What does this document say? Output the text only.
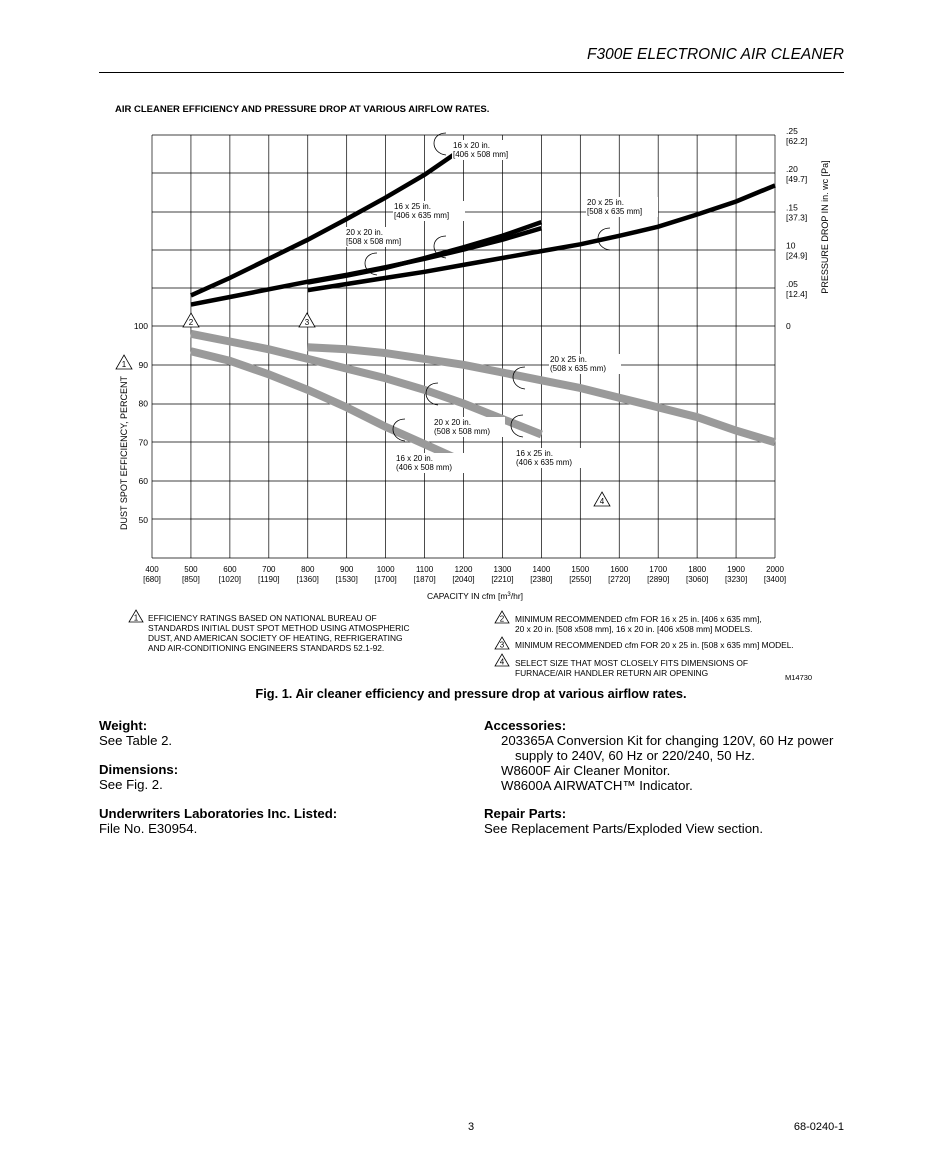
F300E ELECTRONIC AIR CLEANER
AIR CLEANER EFFICIENCY AND PRESSURE DROP AT VARIOUS AIRFLOW RATES.
400
[680]
500
[850]
600
[1020]
700
[1190]
800
[1360]
900
[1530]
1000
[1700]
1100
[1870]
1200
[2040]
1300
[2210]
1400
[2380]
1500
[2550]
1600
[2720]
1700
[2890]
1800
[3060]
1900
[3230]
2000
[3400]
100
90
80
70
60
50
.25
[62.2]
.20
[49.7]
.15
[37.3]
10
[24.9]
.05
[12.4]
0
16 x 20 in.
[406 x 508 mm]
20 x 20 in.
[508 x 508 mm]
16 x 25 in.
[406 x 635 mm]
20 x 25 in.
[508 x 635 mm]
20 x 25 in.
(508 x 635 mm)
20 x 20 in.
(508 x 508 mm)
16 x 25 in.
(406 x 635 mm)
16 x 20 in.
(406 x 508 mm)
2	3
1
4
DUST SPOT EFFICIENCY, PERCENT
PRESSURE DROP IN in. wc [Pa]
M14730
CAPACITY IN cfm $[m^3/hr]$
1 EFFICIENCY RATINGS BASED ON NATIONAL BUREAU OF
STANDARDS INITIAL DUST SPOT METHOD USING ATMOSPHERIC
DUST, AND AMERICAN SOCIETY OF HEATING, REFRIGERATING
AND AIR-CONDITIONING ENGINEERS STANDARDS 52.1-92.
2 MINIMUM RECOMMENDED cfm FOR 16 x 25 in. [406 x 635 mm],
20 x 20 in. [508 x508 mm], 16 x 20 in. [406 x508 mm] MODELS.
3 MINIMUM RECOMMENDED cfm FOR 20 x 25 in. [508 x 635 mm] MODEL.
4 SELECT SIZE THAT MOST CLOSELY FITS DIMENSIONS OF
FURNACE/AIR HANDLER RETURN AIR OPENING
Fig. 1. Air cleaner efficiency and pressure drop at various airflow rates.
Weight:
See Table 2.
Dimensions:
See Fig. 2.
Underwriters Laboratories Inc. Listed:
File No. E30954.
Accessories:
203365A Conversion Kit for changing 120V, 60 Hz power
supply to 240V, 60 Hz or 220/240, 50 Hz.
W8600F Air Cleaner Monitor.
W8600A AIRWATCH™ Indicator.
Repair Parts:
See Replacement Parts/Exploded View section.
3	68-0240-1
